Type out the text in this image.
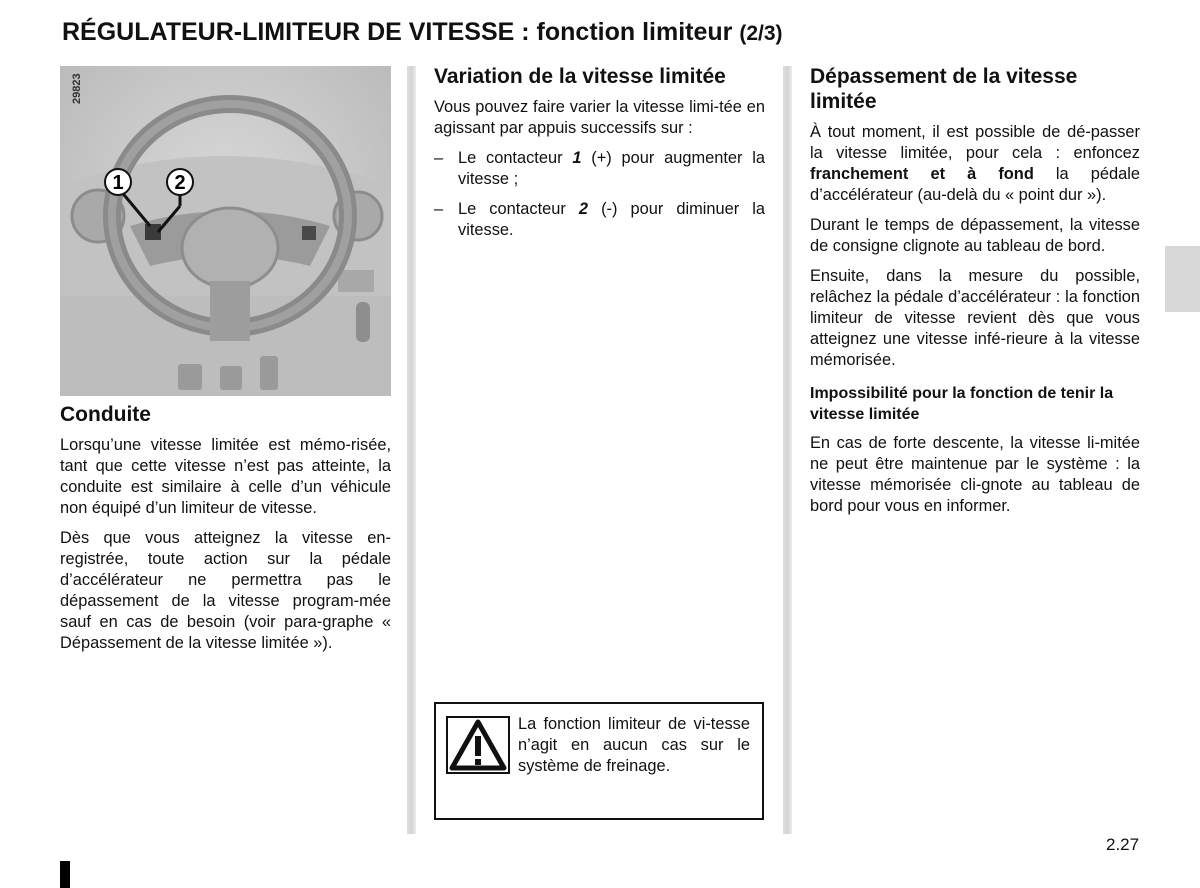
RÉGULATEUR-LIMITEUR DE VITESSE : fonction limiteur (2/3)
1	2
29823
Conduite

Lorsqu’une vitesse limitée est mémo-risée, tant que cette vitesse n’est pas atteinte, la conduite est similaire à celle d’un véhicule non équipé d’un limiteur de vitesse.

Dès que vous atteignez la vitesse en-registrée, toute action sur la pédale d’accélérateur ne permettra pas le dépassement de la vitesse program-mée sauf en cas de besoin (voir para-graphe « Dépassement de la vitesse limitée »).

Variation de la vitesse limitée

Vous pouvez faire varier la vitesse limi-tée en agissant par appuis successifs sur :

– Le contacteur 1 (+) pour augmenter la vitesse ;
– Le contacteur 2 (-) pour diminuer la vitesse.
La fonction limiteur de vi-tesse n’agit en aucun cas sur le système de freinage.
Dépassement de la vitesse limitée

À tout moment, il est possible de dé-passer la vitesse limitée, pour cela : enfoncez franchement et à fond la pédale d’accélérateur (au-delà du « point dur »).

Durant le temps de dépassement, la vitesse de consigne clignote au tableau de bord.

Ensuite, dans la mesure du possible, relâchez la pédale d’accélérateur : la fonction limiteur de vitesse revient dès que vous atteignez une vitesse infé-rieure à la vitesse mémorisée.

Impossibilité pour la fonction de tenir la vitesse limitée

En cas de forte descente, la vitesse li-mitée ne peut être maintenue par le système : la vitesse mémorisée cli-gnote au tableau de bord pour vous en informer.

2.27
